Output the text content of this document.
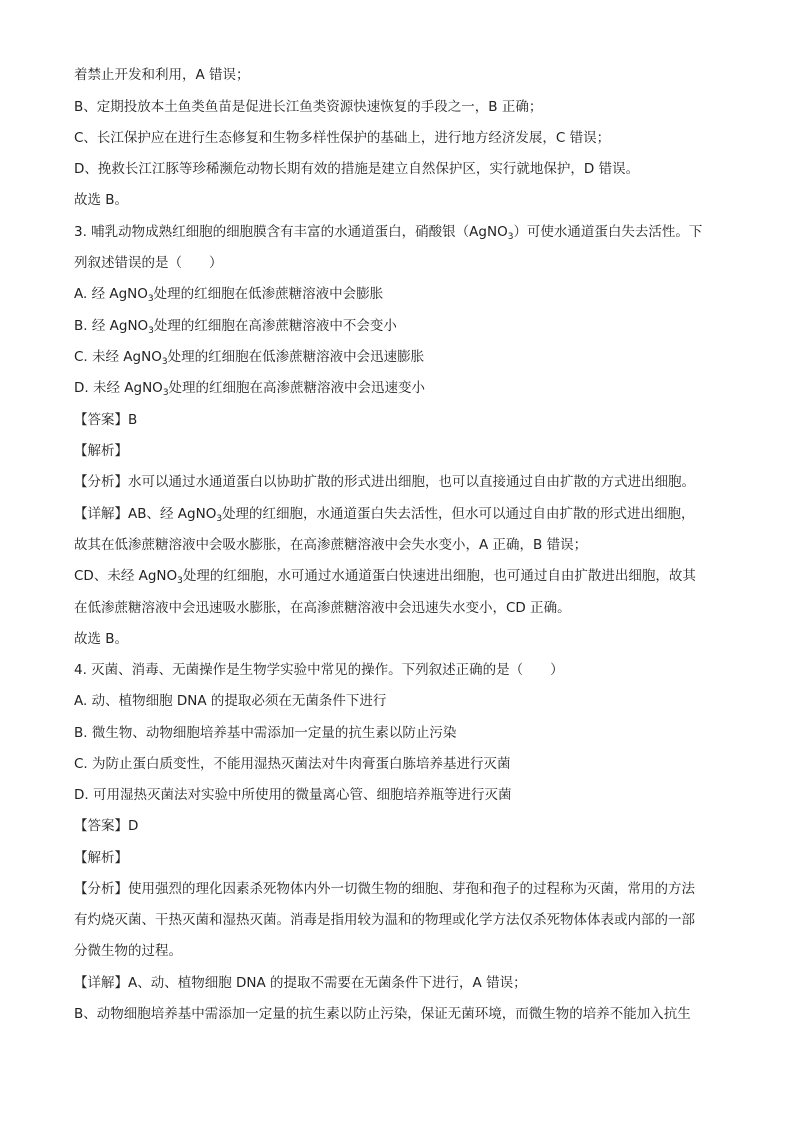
着禁止开发和利用，A 错误；

B、定期投放本土鱼类鱼苗是促进长江鱼类资源快速恢复的手段之一，B 正确；

C、长江保护应在进行生态修复和生物多样性保护的基础上，进行地方经济发展，C 错误；

D、挽救长江江豚等珍稀濒危动物长期有效的措施是建立自然保护区，实行就地保护，D 错误。

故选 B。

3. 哺乳动物成熟红细胞的细胞膜含有丰富的水通道蛋白，硝酸银（AgNO$_3$）可使水通道蛋白失去活性。下

列叙述错误的是（　　）

A. 经 AgNO$_3$处理的红细胞在低渗蔗糖溶液中会膨胀

B. 经 AgNO$_3$处理的红细胞在高渗蔗糖溶液中不会变小

C. 未经 AgNO$_3$处理的红细胞在低渗蔗糖溶液中会迅速膨胀

D. 未经 AgNO$_3$处理的红细胞在高渗蔗糖溶液中会迅速变小

【答案】B

【解析】

【分析】水可以通过水通道蛋白以协助扩散的形式进出细胞，也可以直接通过自由扩散的方式进出细胞。

【详解】AB、经 AgNO$_3$处理的红细胞，水通道蛋白失去活性，但水可以通过自由扩散的形式进出细胞，

故其在低渗蔗糖溶液中会吸水膨胀，在高渗蔗糖溶液中会失水变小，A 正确，B 错误；

CD、未经 AgNO$_3$处理的红细胞，水可通过水通道蛋白快速进出细胞，也可通过自由扩散进出细胞，故其

在低渗蔗糖溶液中会迅速吸水膨胀，在高渗蔗糖溶液中会迅速失水变小，CD 正确。

故选 B。

4. 灭菌、消毒、无菌操作是生物学实验中常见的操作。下列叙述正确的是（　　）

A. 动、植物细胞 DNA 的提取必须在无菌条件下进行

B. 微生物、动物细胞培养基中需添加一定量的抗生素以防止污染

C. 为防止蛋白质变性，不能用湿热灭菌法对牛肉膏蛋白胨培养基进行灭菌

D. 可用湿热灭菌法对实验中所使用的微量离心管、细胞培养瓶等进行灭菌

【答案】D

【解析】

【分析】使用强烈的理化因素杀死物体内外一切微生物的细胞、芽孢和孢子的过程称为灭菌，常用的方法

有灼烧灭菌、干热灭菌和湿热灭菌。消毒是指用较为温和的物理或化学方法仅杀死物体体表或内部的一部

分微生物的过程。

【详解】A、动、植物细胞 DNA 的提取不需要在无菌条件下进行，A 错误；

B、动物细胞培养基中需添加一定量的抗生素以防止污染，保证无菌环境，而微生物的培养不能加入抗生
